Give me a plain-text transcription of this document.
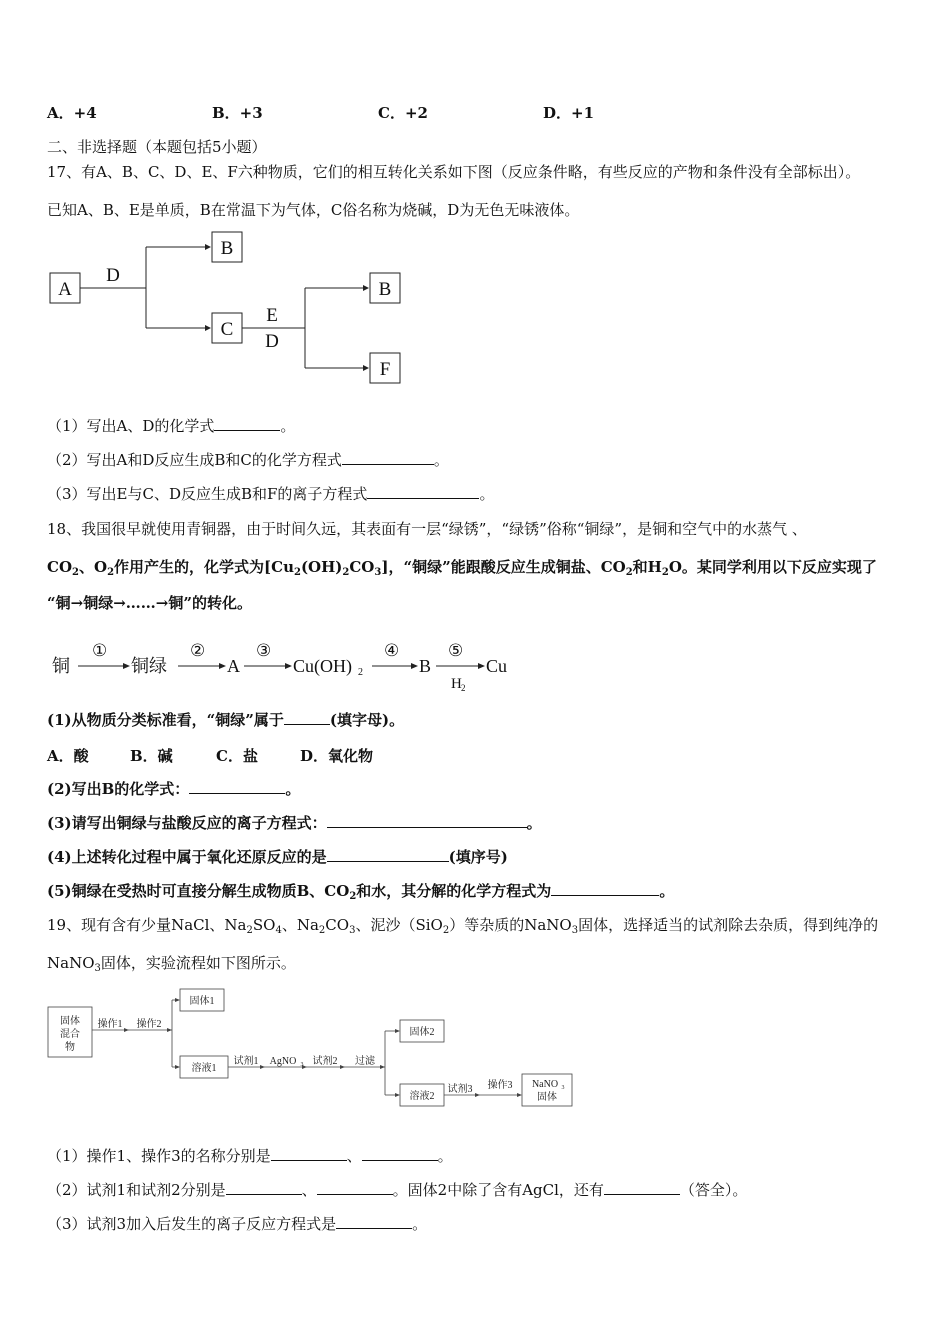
A．+4	B．+3	C．+2	D．+1
二、非选择题（本题包括5小题）
17、有A、B、C、D、E、F六种物质，它们的相互转化关系如下图（反应条件略，有些反应的产物和条件没有全部标出）。
已知A、B、E是单质，B在常温下为气体，C俗名称为烧碱，D为无色无味液体。
A
B
C
B
F
D
E
D
（1）写出A、D的化学式	。
（2）写出A和D反应生成B和C的化学方程式	。
（3）写出E与C、D反应生成B和F的离子方程式	。
18、我国很早就使用青铜器，由于时间久远，其表面有一层“绿锈”，“绿锈”俗称“铜绿”，是铜和空气中的水蒸气 、
$CO_2$、$O_2$作用产生的，化学式为$[Cu_2(OH)_2CO_3]$，“铜绿”能跟酸反应生成铜盐、$CO_2$和$H_2O$。某同学利用以下反应实现了
“铜→铜绿→……→铜”的转化。
铜	铜绿	A	Cu(OH) 2	B	Cu
①	②	③	④	⑤
H 2
(1)从物质分类标准看，“铜绿”属于	(填字母)。
A．酸	B．碱	C．盐	D．氧化物
(2)写出B的化学式：	。
(3)请写出铜绿与盐酸反应的离子方程式：	。
(4)上述转化过程中属于氧化还原反应的是	(填序号)
(5)铜绿在受热时可直接分解生成物质B、$CO_2$和水，其分解的化学方程式为	。
19、现有含有少量NaCl、$Na_2SO_4$、$Na_2CO_3$、泥沙（SiO$_2$）等杂质的NaNO$_3$固体，选择适当的试剂除去杂质，得到纯净的
NaNO$_3$固体，实验流程如下图所示。
固体
混合
物
操作1 操作2
固体1
溶液1
试剂1 AgNO 3 试剂2 过滤
固体2
溶液2
试剂3 操作3 NaNO 3
固体
（1）操作1、操作3的名称分别是	、	。
（2）试剂1和试剂2分别是	、	。固体2中除了含有AgCl，还有	（答全）。
（3）试剂3加入后发生的离子反应方程式是	。
